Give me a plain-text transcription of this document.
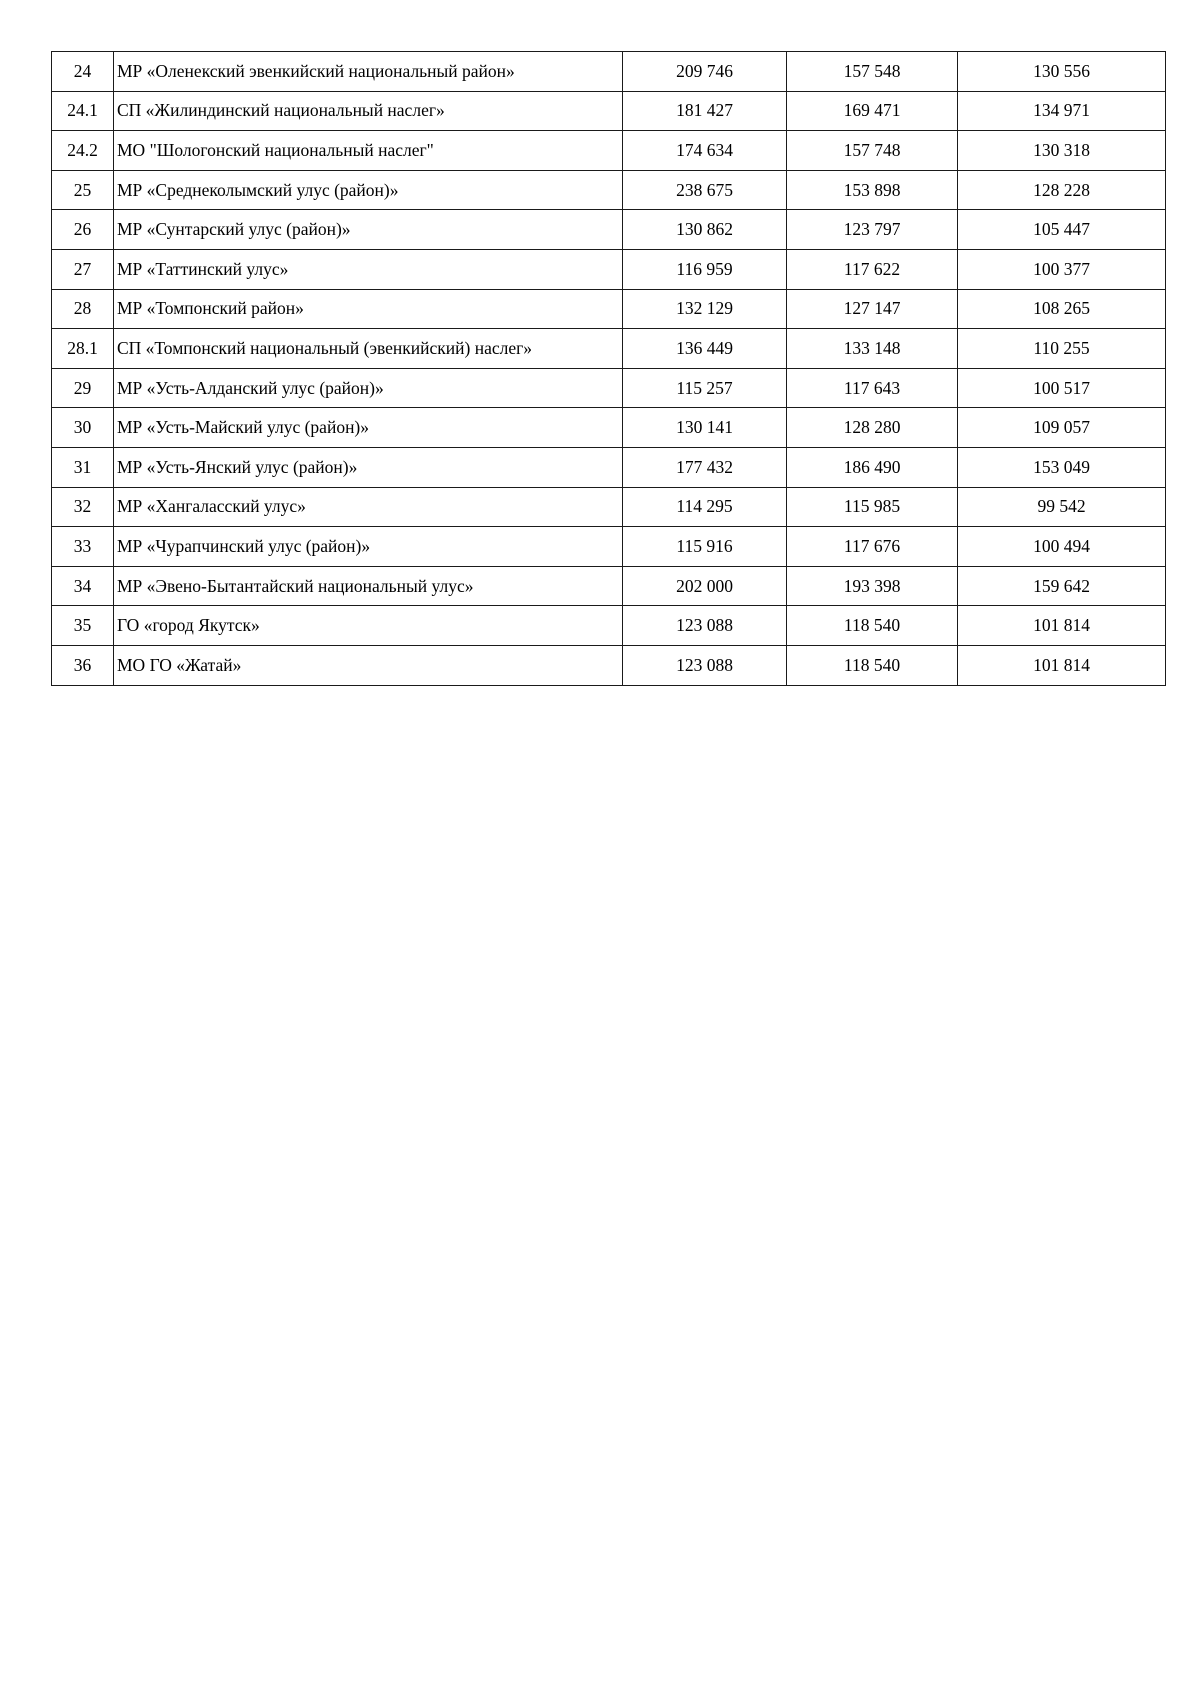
24	МР «Оленекский эвенкийский национальный район»	209 746	157 548	130 556
24.1	СП «Жилиндинский национальный наслег»	181 427	169 471	134 971
24.2	МО "Шологонский национальный наслег"	174 634	157 748	130 318
25	МР «Среднеколымский улус (район)»	238 675	153 898	128 228
26	МР «Сунтарский улус (район)»	130 862	123 797	105 447
27	МР «Таттинский улус»	116 959	117 622	100 377
28	МР «Томпонский район»	132 129	127 147	108 265
28.1	СП «Томпонский национальный (эвенкийский) наслег»	136 449	133 148	110 255
29	МР «Усть-Алданский улус (район)»	115 257	117 643	100 517
30	МР «Усть-Майский улус (район)»	130 141	128 280	109 057
31	МР «Усть-Янский улус (район)»	177 432	186 490	153 049
32	МР «Хангаласский улус»	114 295	115 985	99 542
33	МР «Чурапчинский улус (район)»	115 916	117 676	100 494
34	МР «Эвено-Бытантайский национальный улус»	202 000	193 398	159 642
35	ГО «город Якутск»	123 088	118 540	101 814
36	МО ГО «Жатай»	123 088	118 540	101 814
